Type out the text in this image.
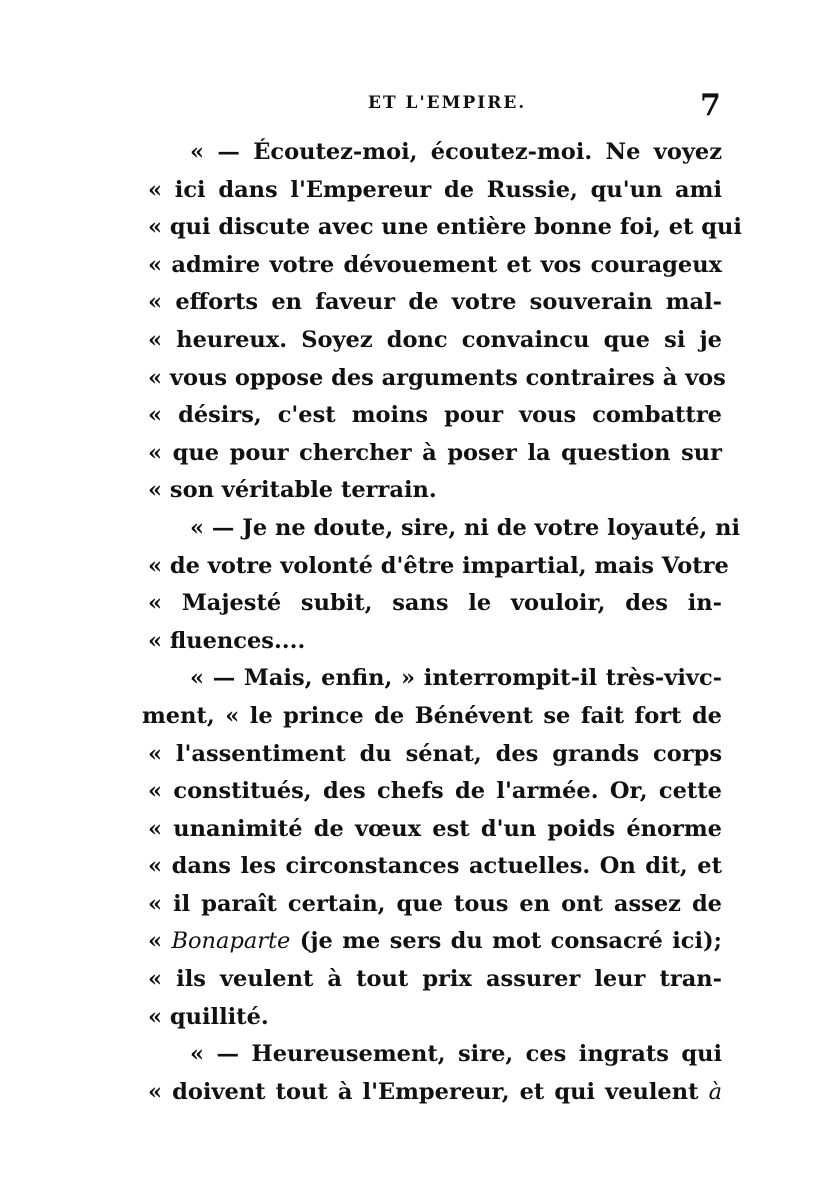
ET L'EMPIRE.	7
« — Écoutez-moi, écoutez-moi. Ne voyez
« ici dans l'Empereur de Russie, qu'un ami
« qui discute avec une entière bonne foi, et qui
« admire votre dévouement et vos courageux
« efforts en faveur de votre souverain mal-
« heureux. Soyez donc convaincu que si je
« vous oppose des arguments contraires à vos
« désirs, c'est moins pour vous combattre
« que pour chercher à poser la question sur
« son véritable terrain.
« — Je ne doute, sire, ni de votre loyauté, ni
« de votre volonté d'être impartial, mais Votre
« Majesté subit, sans le vouloir, des in-
« fluences....
« — Mais, enfin, » interrompit-il très-vivc-
ment, « le prince de Bénévent se fait fort de
« l'assentiment du sénat, des grands corps
« constitués, des chefs de l'armée. Or, cette
« unanimité de vœux est d'un poids énorme
« dans les circonstances actuelles. On dit, et
« il paraît certain, que tous en ont assez de
« Bonaparte (je me sers du mot consacré ici);
« ils veulent à tout prix assurer leur tran-
« quillité.
« — Heureusement, sire, ces ingrats qui
« doivent tout à l'Empereur, et qui veulent à
